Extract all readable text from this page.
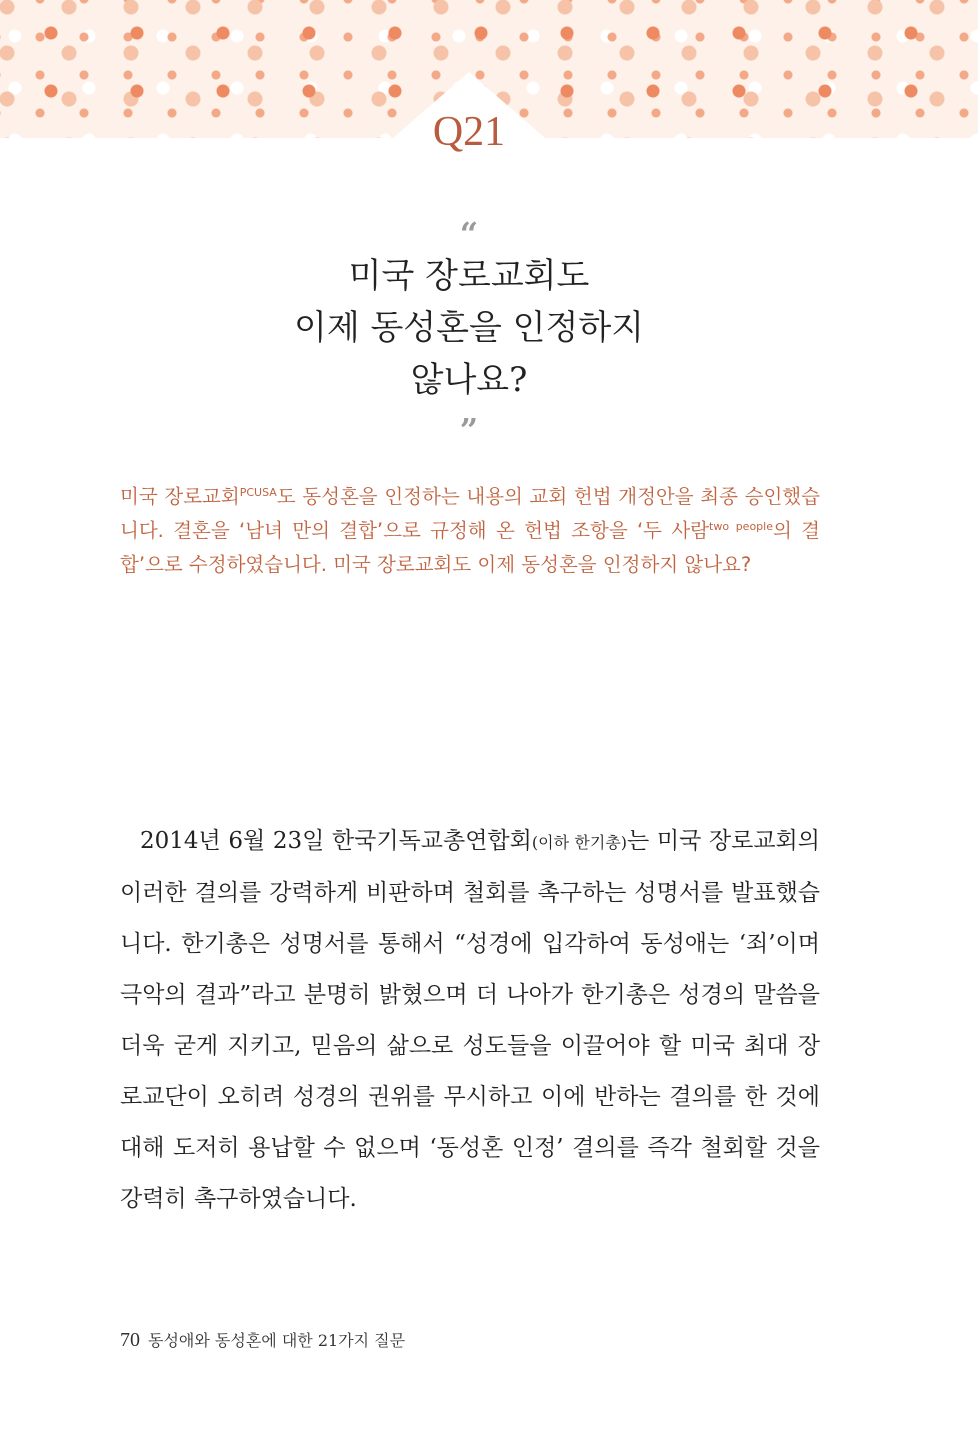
Q21
“
미국 장로교회도
이제 동성혼을 인정하지
않나요?
”

미국 장로교회$^{PCUSA}$도 동성혼을 인정하는 내용의 교회 헌법 개정안을 최종 승인했습니다. 결혼을 ‘남녀 만의 결합’으로 규정해 온 헌법 조항을 ‘두 사람$^{two people}$의 결합’으로 수정하였습니다. 미국 장로교회도 이제 동성혼을 인정하지 않나요?

2014년 6월 23일 한국기독교총연합회(이하 한기총)는 미국 장로교회의 이러한 결의를 강력하게 비판하며 철회를 촉구하는 성명서를 발표했습니다. 한기총은 성명서를 통해서 “성경에 입각하여 동성애는 ‘죄’이며 극악의 결과”라고 분명히 밝혔으며 더 나아가 한기총은 성경의 말씀을 더욱 굳게 지키고, 믿음의 삶으로 성도들을 이끌어야 할 미국 최대 장로교단이 오히려 성경의 권위를 무시하고 이에 반하는 결의를 한 것에 대해 도저히 용납할 수 없으며 ‘동성혼 인정’ 결의를 즉각 철회할 것을 강력히 촉구하였습니다.

70 동성애와 동성혼에 대한 21가지 질문
